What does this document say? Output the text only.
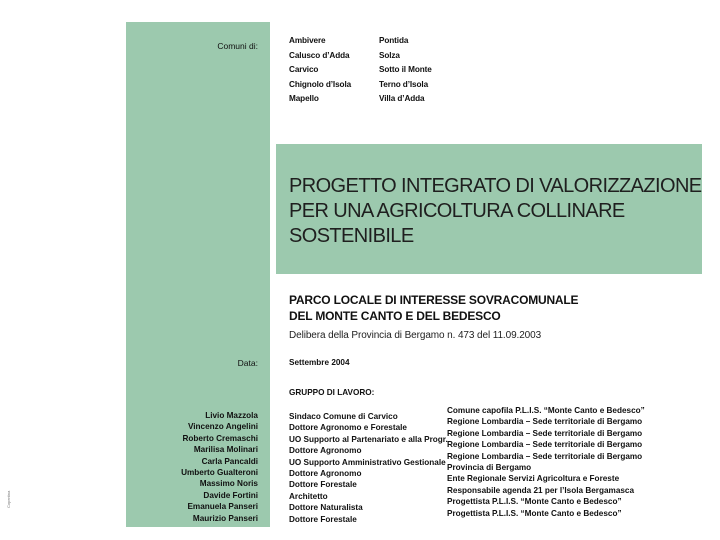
Comuni di:
Data:
Ambivere
Calusco d’Adda
Carvico
Chignolo d’Isola
Mapello
Pontida
Solza
Sotto il Monte
Terno d’Isola
Villa d’Adda
PROGETTO INTEGRATO DI VALORIZZAZIONE
PER UNA AGRICOLTURA COLLINARE
SOSTENIBILE
PARCO LOCALE DI INTERESSE SOVRACOMUNALE
DEL MONTE CANTO E DEL BEDESCO
Delibera della Provincia di Bergamo n. 473 del 11.09.2003
Settembre 2004
GRUPPO DI LAVORO:
Livio Mazzola
Vincenzo Angelini
Roberto Cremaschi
Marilisa Molinari
Carla Pancaldi
Umberto Gualteroni
Massimo Noris
Davide Fortini
Emanuela Panseri
Maurizio Panseri
Sindaco Comune di Carvico
Dottore Agronomo e Forestale
UO Supporto al Partenariato e alla Progr.
Dottore Agronomo
UO Supporto Amministrativo Gestionale
Dottore Agronomo
Dottore Forestale
Architetto
Dottore Naturalista
Dottore Forestale
Comune capofila P.L.I.S. “Monte Canto e Bedesco”
Regione Lombardia – Sede territoriale di Bergamo
Regione Lombardia – Sede territoriale di Bergamo
Regione Lombardia – Sede territoriale di Bergamo
Regione Lombardia – Sede territoriale di Bergamo
Provincia di Bergamo
Ente Regionale Servizi Agricoltura e Foreste
Responsabile agenda 21 per l’Isola Bergamasca
Progettista P.L.I.S. “Monte Canto e Bedesco”
Progettista P.L.I.S. “Monte Canto e Bedesco”
Copertina
